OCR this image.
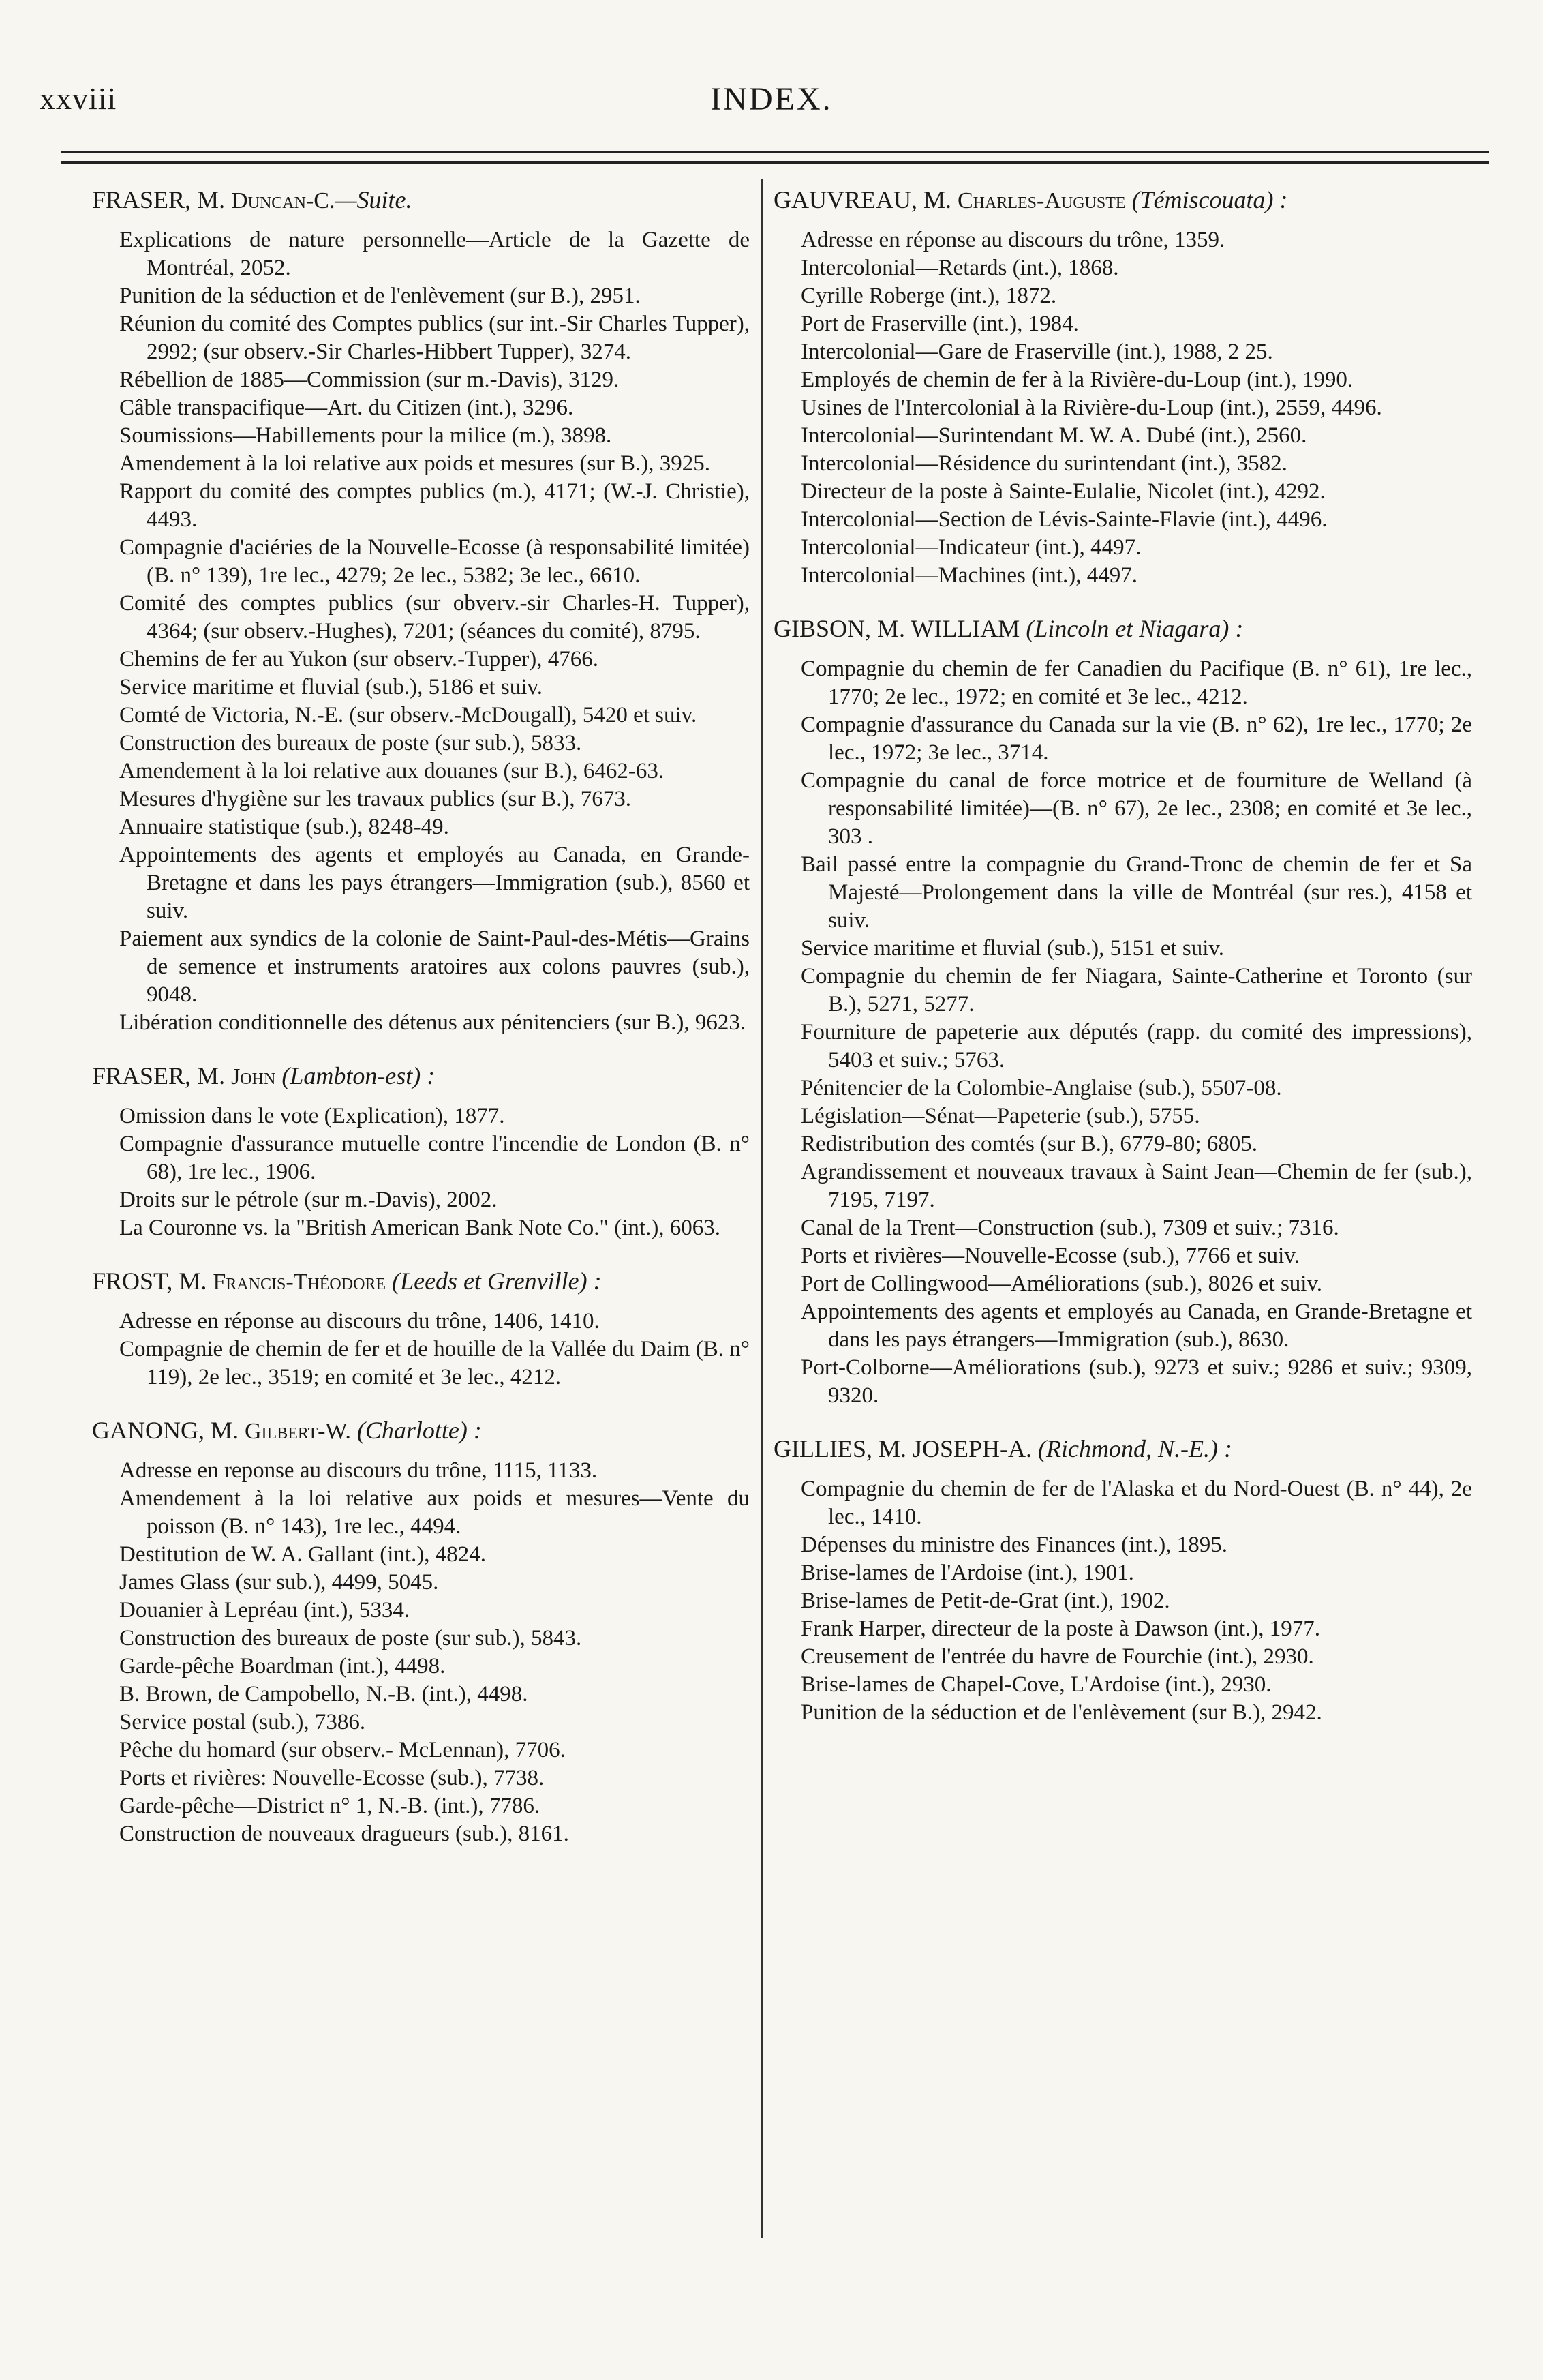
xxviii	INDEX.
FRASER, M. Duncan-C.—Suite.

Explications de nature personnelle—Article de la Gazette de Montréal, 2052.

Punition de la séduction et de l'enlèvement (sur B.), 2951.

Réunion du comité des Comptes publics (sur int.-Sir Charles Tupper), 2992; (sur observ.-Sir Charles-Hibbert Tupper), 3274.

Rébellion de 1885—Commission (sur m.-Davis), 3129.

Câble transpacifique—Art. du Citizen (int.), 3296.

Soumissions—Habillements pour la milice (m.), 3898.

Amendement à la loi relative aux poids et mesures (sur B.), 3925.

Rapport du comité des comptes publics (m.), 4171; (W.-J. Christie), 4493.

Compagnie d'aciéries de la Nouvelle-Ecosse (à responsabilité limitée) (B. n° 139), 1re lec., 4279; 2e lec., 5382; 3e lec., 6610.

Comité des comptes publics (sur obverv.-sir Charles-H. Tupper), 4364; (sur observ.-Hughes), 7201; (séances du comité), 8795.

Chemins de fer au Yukon (sur observ.-Tupper), 4766.

Service maritime et fluvial (sub.), 5186 et suiv.

Comté de Victoria, N.-E. (sur observ.-McDougall), 5420 et suiv.

Construction des bureaux de poste (sur sub.), 5833.

Amendement à la loi relative aux douanes (sur B.), 6462-63.

Mesures d'hygiène sur les travaux publics (sur B.), 7673.

Annuaire statistique (sub.), 8248-49.

Appointements des agents et employés au Canada, en Grande-Bretagne et dans les pays étrangers—Immigration (sub.), 8560 et suiv.

Paiement aux syndics de la colonie de Saint-Paul-des-Métis—Grains de semence et instruments aratoires aux colons pauvres (sub.), 9048.

Libération conditionnelle des détenus aux pénitenciers (sur B.), 9623.

FRASER, M. John (Lambton-est) :

Omission dans le vote (Explication), 1877.

Compagnie d'assurance mutuelle contre l'incendie de London (B. n° 68), 1re lec., 1906.

Droits sur le pétrole (sur m.-Davis), 2002.

La Couronne vs. la "British American Bank Note Co." (int.), 6063.

FROST, M. Francis-Théodore (Leeds et Grenville) :

Adresse en réponse au discours du trône, 1406, 1410.

Compagnie de chemin de fer et de houille de la Vallée du Daim (B. n° 119), 2e lec., 3519; en comité et 3e lec., 4212.

GANONG, M. Gilbert-W. (Charlotte) :

Adresse en reponse au discours du trône, 1115, 1133.

Amendement à la loi relative aux poids et mesures—Vente du poisson (B. n° 143), 1re lec., 4494.

Destitution de W. A. Gallant (int.), 4824.

James Glass (sur sub.), 4499, 5045.

Douanier à Lepréau (int.), 5334.

Construction des bureaux de poste (sur sub.), 5843.

Garde-pêche Boardman (int.), 4498.

B. Brown, de Campobello, N.-B. (int.), 4498.

Service postal (sub.), 7386.

Pêche du homard (sur observ.- McLennan), 7706.

Ports et rivières: Nouvelle-Ecosse (sub.), 7738.

Garde-pêche—District n° 1, N.-B. (int.), 7786.

Construction de nouveaux dragueurs (sub.), 8161.

GAUVREAU, M. Charles-Auguste (Témiscouata) :

Adresse en réponse au discours du trône, 1359.

Intercolonial—Retards (int.), 1868.

Cyrille Roberge (int.), 1872.

Port de Fraserville (int.), 1984.

Intercolonial—Gare de Fraserville (int.), 1988, 2 25.

Employés de chemin de fer à la Rivière-du-Loup (int.), 1990.

Usines de l'Intercolonial à la Rivière-du-Loup (int.), 2559, 4496.

Intercolonial—Surintendant M. W. A. Dubé (int.), 2560.

Intercolonial—Résidence du surintendant (int.), 3582.

Directeur de la poste à Sainte-Eulalie, Nicolet (int.), 4292.

Intercolonial—Section de Lévis-Sainte-Flavie (int.), 4496.

Intercolonial—Indicateur (int.), 4497.

Intercolonial—Machines (int.), 4497.

GIBSON, M. WILLIAM (Lincoln et Niagara) :

Compagnie du chemin de fer Canadien du Pacifique (B. n° 61), 1re lec., 1770; 2e lec., 1972; en comité et 3e lec., 4212.

Compagnie d'assurance du Canada sur la vie (B. n° 62), 1re lec., 1770; 2e lec., 1972; 3e lec., 3714.

Compagnie du canal de force motrice et de fourniture de Welland (à responsabilité limitée)—(B. n° 67), 2e lec., 2308; en comité et 3e lec., 303 .

Bail passé entre la compagnie du Grand-Tronc de chemin de fer et Sa Majesté—Prolongement dans la ville de Montréal (sur res.), 4158 et suiv.

Service maritime et fluvial (sub.), 5151 et suiv.

Compagnie du chemin de fer Niagara, Sainte-Catherine et Toronto (sur B.), 5271, 5277.

Fourniture de papeterie aux députés (rapp. du comité des impressions), 5403 et suiv.; 5763.

Pénitencier de la Colombie-Anglaise (sub.), 5507-08.

Législation—Sénat—Papeterie (sub.), 5755.

Redistribution des comtés (sur B.), 6779-80; 6805.

Agrandissement et nouveaux travaux à Saint Jean—Chemin de fer (sub.), 7195, 7197.

Canal de la Trent—Construction (sub.), 7309 et suiv.; 7316.

Ports et rivières—Nouvelle-Ecosse (sub.), 7766 et suiv.

Port de Collingwood—Améliorations (sub.), 8026 et suiv.

Appointements des agents et employés au Canada, en Grande-Bretagne et dans les pays étrangers—Immigration (sub.), 8630.

Port-Colborne—Améliorations (sub.), 9273 et suiv.; 9286 et suiv.; 9309, 9320.

GILLIES, M. JOSEPH-A. (Richmond, N.-E.) :

Compagnie du chemin de fer de l'Alaska et du Nord-Ouest (B. n° 44), 2e lec., 1410.

Dépenses du ministre des Finances (int.), 1895.

Brise-lames de l'Ardoise (int.), 1901.

Brise-lames de Petit-de-Grat (int.), 1902.

Frank Harper, directeur de la poste à Dawson (int.), 1977.

Creusement de l'entrée du havre de Fourchie (int.), 2930.

Brise-lames de Chapel-Cove, L'Ardoise (int.), 2930.

Punition de la séduction et de l'enlèvement (sur B.), 2942.
